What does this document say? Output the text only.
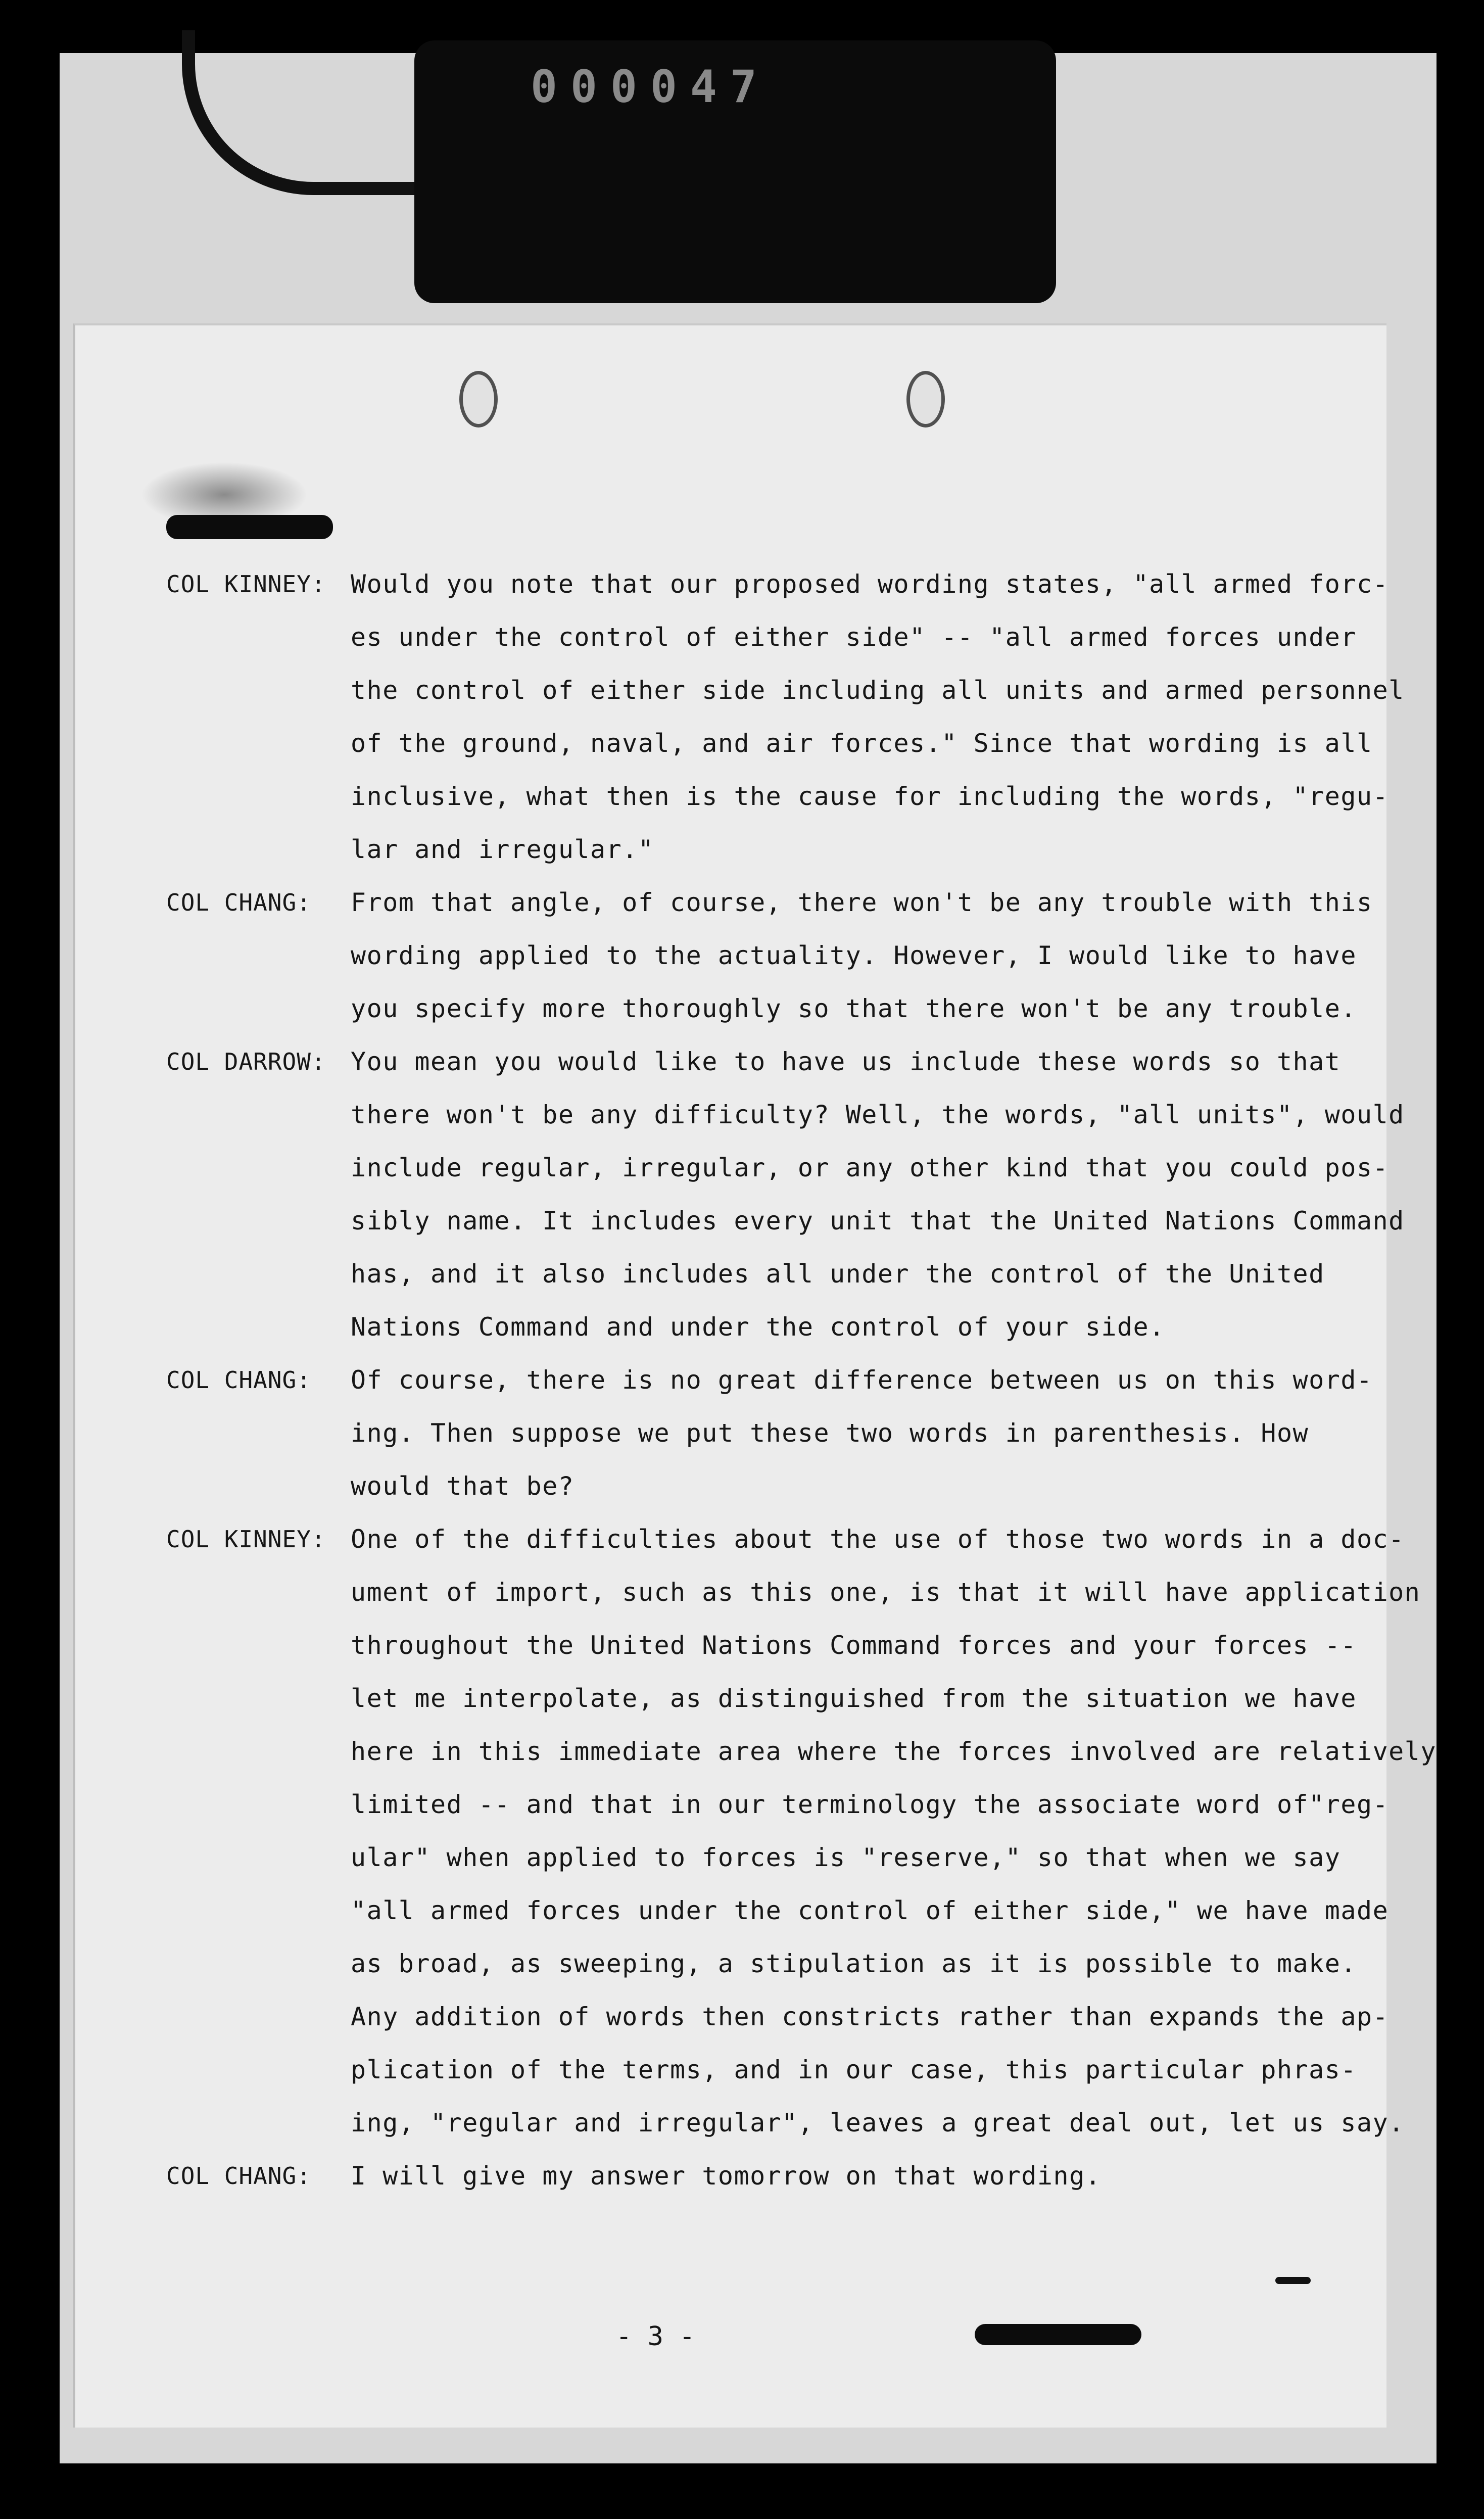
000047
COL KINNEY: Would you note that our proposed wording states, "all armed forc-
es under the control of either side" -- "all armed forces under
the control of either side including all units and armed personnel
of the ground, naval, and air forces." Since that wording is all
inclusive, what then is the cause for including the words, "regu-
lar and irregular."
COL CHANG:	From that angle, of course, there won't be any trouble with this
wording applied to the actuality. However, I would like to have
you specify more thoroughly so that there won't be any trouble.
COL DARROW: You mean you would like to have us include these words so that
there won't be any difficulty? Well, the words, "all units", would
include regular, irregular, or any other kind that you could pos-
sibly name. It includes every unit that the United Nations Command
has, and it also includes all under the control of the United
Nations Command and under the control of your side.
COL CHANG:	Of course, there is no great difference between us on this word-
ing. Then suppose we put these two words in parenthesis. How
would that be?
COL KINNEY: One of the difficulties about the use of those two words in a doc-
ument of import, such as this one, is that it will have application
throughout the United Nations Command forces and your forces --
let me interpolate, as distinguished from the situation we have
here in this immediate area where the forces involved are relatively
limited -- and that in our terminology the associate word of"reg-
ular" when applied to forces is "reserve," so that when we say
"all armed forces under the control of either side," we have made
as broad, as sweeping, a stipulation as it is possible to make.
Any addition of words then constricts rather than expands the ap-
plication of the terms, and in our case, this particular phras-
ing, "regular and irregular", leaves a great deal out, let us say.
COL CHANG:	I will give my answer tomorrow on that wording.
- 3 -
